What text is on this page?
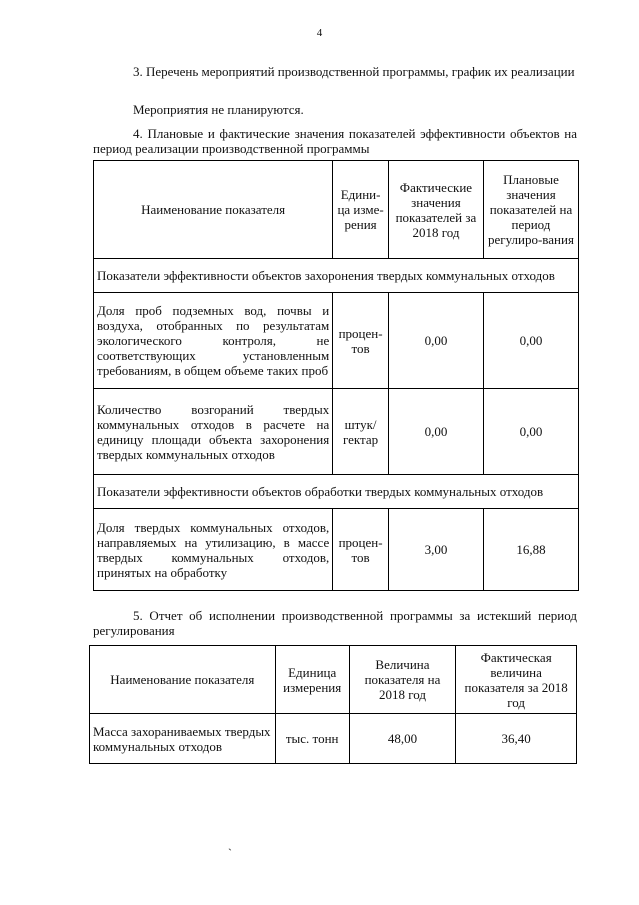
4
3. Перечень мероприятий производственной программы, график их реализации
Мероприятия не планируются.
4. Плановые и фактические значения показателей эффективности объектов на период реализации производственной программы
Наименование показателя	Едини-ца изме-рения	Фактические значения показателей за 2018 год	Плановые значения показателей на период регулиро-вания
Показатели эффективности объектов захоронения твердых коммунальных отходов			
Доля проб подземных вод, почвы и воздуха, отобранных по результатам экологического контроля, не соответствующих установленным требованиям, в общем объеме таких проб	процен-тов	0,00	0,00
Количество возгораний твердых коммунальных отходов в расчете на единицу площади объекта захоронения твердых коммунальных отходов	штук/ гектар	0,00	0,00
Показатели эффективности объектов обработки твердых коммунальных отходов			
Доля твердых коммунальных отходов, направляемых на утилизацию, в массе твердых коммунальных отходов, принятых на обработку	процен-тов	3,00	16,88
5. Отчет об исполнении производственной программы за истекший период регулирования
Наименование показателя	Единица измерения	Величина показателя на 2018 год	Фактическая величина показателя за 2018 год
Масса захораниваемых твердых коммунальных отходов	тыс. тонн	48,00	36,40
`
